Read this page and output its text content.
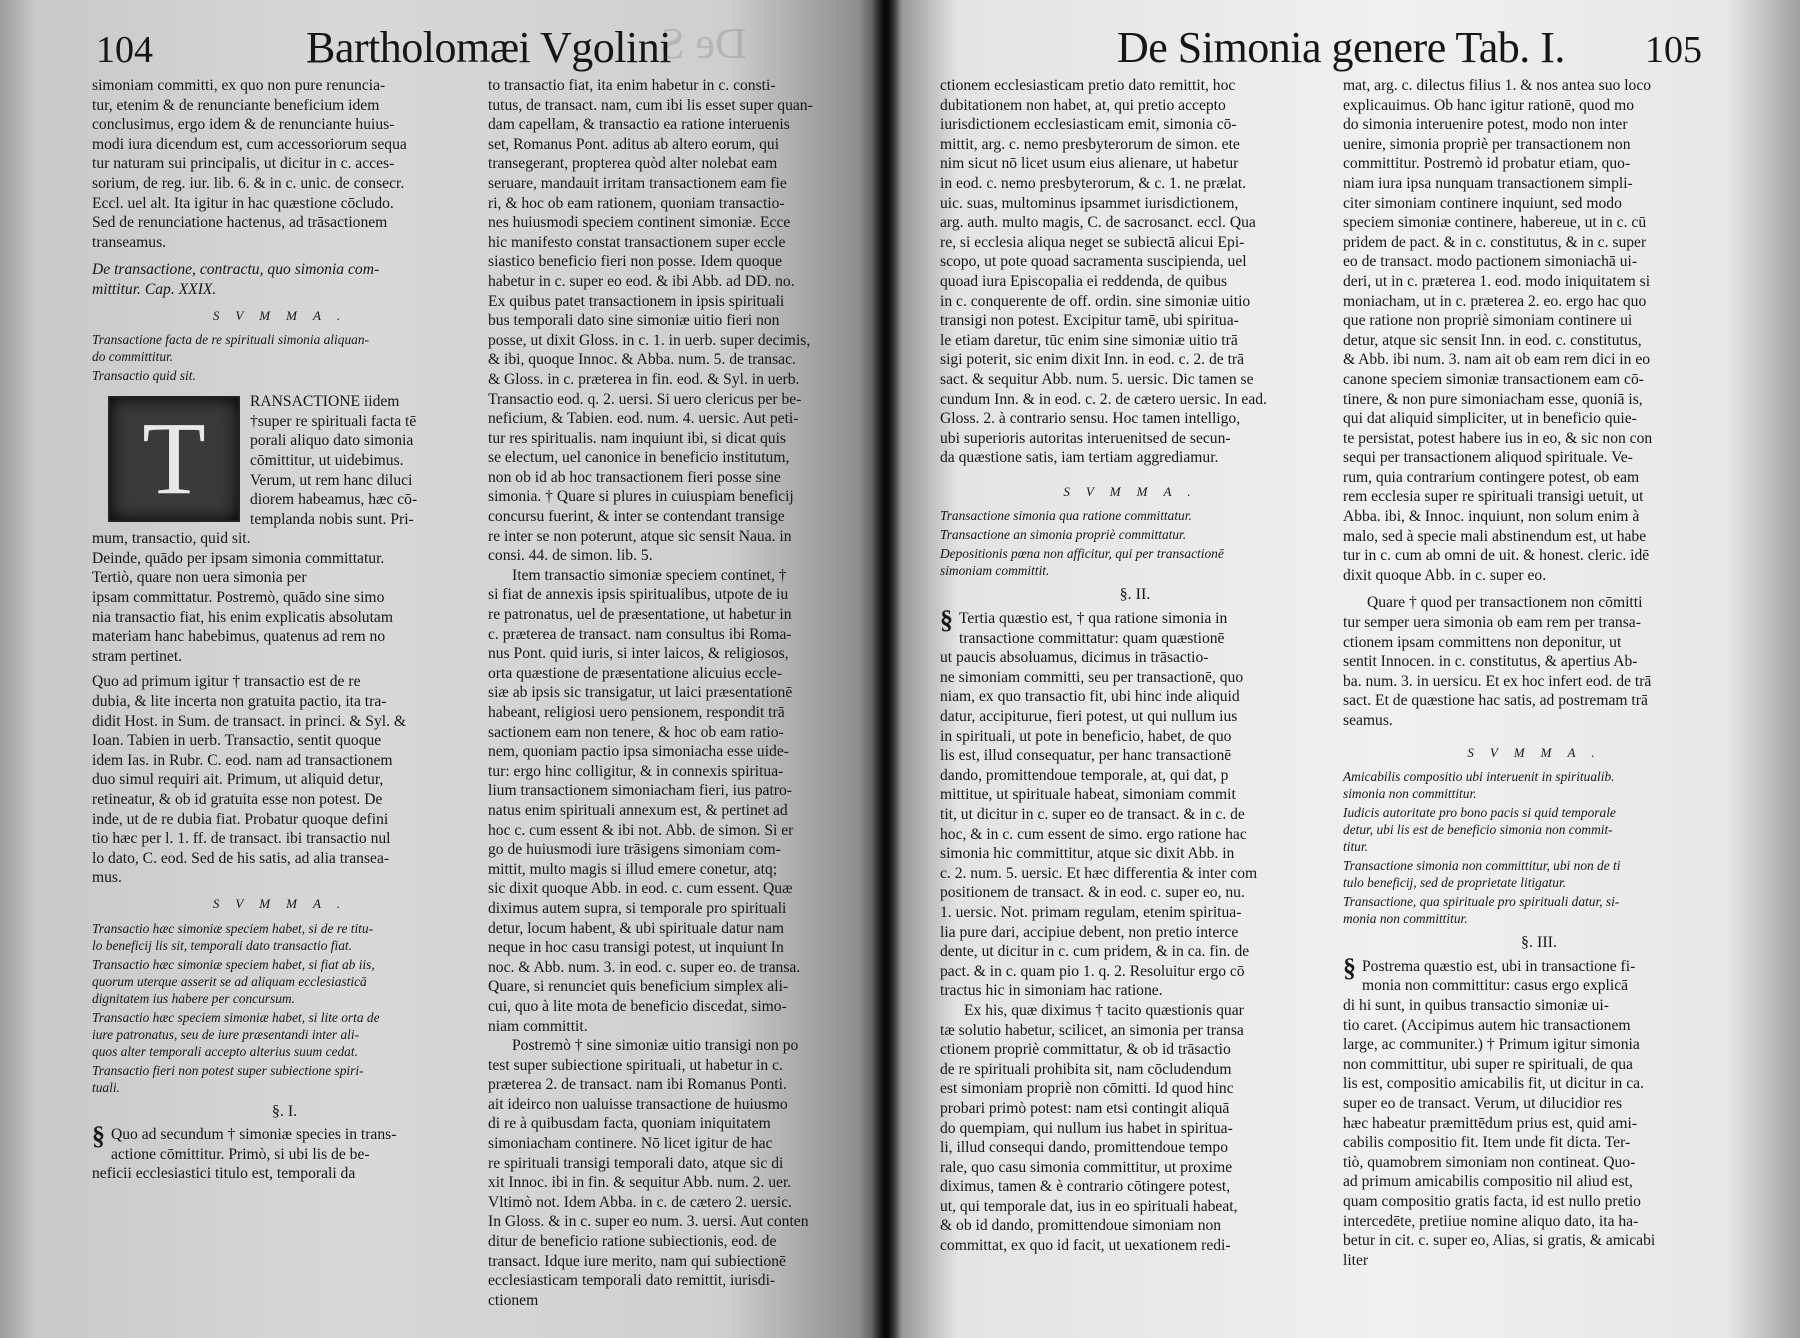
104	Bartholomæi Vgolini
De S

simoniam committi, ex quo non pure renuncia-
tur, etenim & de renunciante beneficium idem
conclusimus, ergo idem & de renunciante huius-
modi iura dicendum est, cum accessoriorum sequa
tur naturam sui principalis, ut dicitur in c. acces-
sorium, de reg. iur. lib. 6. & in c. unic. de consecr.
Eccl. uel alt. Ita igitur in hac quæstione cōcludo.
Sed de renunciatione hactenus, ad trāsactionem
transeamus.

De transactione, contractu, quo simonia com-
mittitur. Cap. XXIX.

SVMMA.

Transactione facta de re spirituali simonia aliquan-
do committitur.

Transactio quid sit.

T	RANSACTIONE iidem
†super re spirituali facta tē
porali aliquo dato simonia
cōmittitur, ut uidebimus.
Verum, ut rem hanc diluci
diorem habeamus, hæc cō-
templanda nobis sunt. Pri-
mum, transactio, quid sit.
Deinde, quādo per ipsam simonia committatur.
Tertiò, quare non uera simonia per
ipsam committatur. Postremò, quādo sine simo
nia transactio fiat, his enim explicatis absolutam
materiam hanc habebimus, quatenus ad rem no
stram pertinet.

Quo ad primum igitur † transactio est de re
dubia, & lite incerta non gratuita pactio, ita tra-
didit Host. in Sum. de transact. in princi. & Syl. &
Ioan. Tabien in uerb. Transactio, sentit quoque
idem Ias. in Rubr. C. eod. nam ad transactionem
duo simul requiri ait. Primum, ut aliquid detur,
retineatur, & ob id gratuita esse non potest. De
inde, ut de re dubia fiat. Probatur quoque defini
tio hæc per l. 1. ff. de transact. ibi transactio nul
lo dato, C. eod. Sed de his satis, ad alia transea-
mus.

SVMMA.

Transactio hæc simoniæ speciem habet, si de re titu-
lo beneficij lis sit, temporali dato transactio fiat.

Transactio hæc simoniæ speciem habet, si fiat ab iis,
quorum uterque asserit se ad aliquam ecclesiasticā
dignitatem ius habere per concursum.

Transactio hæc speciem simoniæ habet, si lite orta de
iure patronatus, seu de iure præsentandi inter ali-
quos alter temporali accepto alterius suum cedat.

Transactio fieri non potest super subiectione spiri-
tuali.

§. I.

§ Quo ad secundum † simoniæ species in trans-
actione cōmittitur. Primò, si ubi lis de be-
neficii ecclesiastici titulo est, temporali da

to transactio fiat, ita enim habetur in c. consti-
tutus, de transact. nam, cum ibi lis esset super quan-
dam capellam, & transactio ea ratione interuenis
set, Romanus Pont. aditus ab altero eorum, qui
transegerant, propterea quòd alter nolebat eam
seruare, mandauit irritam transactionem eam fie
ri, & hoc ob eam rationem, quoniam transactio-
nes huiusmodi speciem continent simoniæ. Ecce
hic manifesto constat transactionem super eccle
siastico beneficio fieri non posse. Idem quoque
habetur in c. super eo eod. & ibi Abb. ad DD. no.
Ex quibus patet transactionem in ipsis spirituali
bus temporali dato sine simoniæ uitio fieri non
posse, ut dixit Gloss. in c. 1. in uerb. super decimis,
& ibi, quoque Innoc. & Abba. num. 5. de transac.
& Gloss. in c. præterea in fin. eod. & Syl. in uerb.
Transactio eod. q. 2. uersi. Si uero clericus per be-
neficium, & Tabien. eod. num. 4. uersic. Aut peti-
tur res spiritualis. nam inquiunt ibi, si dicat quis
se electum, uel canonice in beneficio institutum,
non ob id ab hoc transactionem fieri posse sine
simonia. † Quare si plures in cuiuspiam beneficij
concursu fuerint, & inter se contendant transige
re inter se non poterunt, atque sic sensit Naua. in
consi. 44. de simon. lib. 5.

Item transactio simoniæ speciem continet, †
si fiat de annexis ipsis spiritualibus, utpote de iu
re patronatus, uel de præsentatione, ut habetur in
c. præterea de transact. nam consultus ibi Roma-
nus Pont. quid iuris, si inter laicos, & religiosos,
orta quæstione de præsentatione alicuius eccle-
siæ ab ipsis sic transigatur, ut laici præsentationē
habeant, religiosi uero pensionem, respondit trā
sactionem eam non tenere, & hoc ob eam ratio-
nem, quoniam pactio ipsa simoniacha esse uide-
tur: ergo hinc colligitur, & in connexis spiritua-
lium transactionem simoniacham fieri, ius patro-
natus enim spirituali annexum est, & pertinet ad
hoc c. cum essent & ibi not. Abb. de simon. Si er
go de huiusmodi iure trāsigens simoniam com-
mittit, multo magis si illud emere conetur, atq;
sic dixit quoque Abb. in eod. c. cum essent. Quæ
diximus autem supra, si temporale pro spirituali
detur, locum habent, & ubi spirituale datur nam
neque in hoc casu transigi potest, ut inquiunt In
noc. & Abb. num. 3. in eod. c. super eo. de transa.
Quare, si renunciet quis beneficium simplex ali-
cui, quo à lite mota de beneficio discedat, simo-
niam committit.

Postremò † sine simoniæ uitio transigi non po
test super subiectione spirituali, ut habetur in c.
præterea 2. de transact. nam ibi Romanus Ponti.
ait ideirco non ualuisse transactione de huiusmo
di re à quibusdam facta, quoniam iniquitatem
simoniacham continere. Nō licet igitur de hac
re spirituali transigi temporali dato, atque sic di
xit Innoc. ibi in fin. & sequitur Abb. num. 2. uer.
Vltimò not. Idem Abba. in c. de cætero 2. uersic.
In Gloss. & in c. super eo num. 3. uersi. Aut conten
ditur de beneficio ratione subiectionis, eod. de
transact. Idque iure merito, nam qui subiectionē
ecclesiasticam temporali dato remittit, iurisdi-
ctionem

De Simonia genere Tab. I. 105

ctionem ecclesiasticam pretio dato remittit, hoc
dubitationem non habet, at, qui pretio accepto
iurisdictionem ecclesiasticam emit, simonia cō-
mittit, arg. c. nemo presbyterorum de simon. ete
nim sicut nō licet usum eius alienare, ut habetur
in eod. c. nemo presbyterorum, & c. 1. ne prælat.
uic. suas, multominus ipsammet iurisdictionem,
arg. auth. multo magis, C. de sacrosanct. eccl. Qua
re, si ecclesia aliqua neget se subiectā alicui Epi-
scopo, ut pote quoad sacramenta suscipienda, uel
quoad iura Episcopalia ei reddenda, de quibus
in c. conquerente de off. ordin. sine simoniæ uitio
transigi non potest. Excipitur tamē, ubi spiritua-
le etiam daretur, tūc enim sine simoniæ uitio trā
sigi poterit, sic enim dixit Inn. in eod. c. 2. de trā
sact. & sequitur Abb. num. 5. uersic. Dic tamen se
cundum Inn. & in eod. c. 2. de cætero uersic. In ead.
Gloss. 2. à contrario sensu. Hoc tamen intelligo,
ubi superioris autoritas interuenitsed de secun-
da quæstione satis, iam tertiam aggrediamur.

SVMMA.

Transactione simonia qua ratione committatur.

Transactione an simonia propriè committatur.

Depositionis pœna non afficitur, qui per transactionē
simoniam committit.

§. II.

§ Tertia quæstio est, † qua ratione simonia in
transactione committatur: quam quæstionē
ut paucis absoluamus, dicimus in trāsactio-
ne simoniam committi, seu per transactionē, quo
niam, ex quo transactio fit, ubi hinc inde aliquid
datur, accipiturue, fieri potest, ut qui nullum ius
in spirituali, ut pote in beneficio, habet, de quo
lis est, illud consequatur, per hanc transactionē
dando, promittendoue temporale, at, qui dat, p
mittitue, ut spirituale habeat, simoniam commit
tit, ut dicitur in c. super eo de transact. & in c. de
hoc, & in c. cum essent de simo. ergo ratione hac
simonia hic committitur, atque sic dixit Abb. in
c. 2. num. 5. uersic. Et hæc differentia & inter com
positionem de transact. & in eod. c. super eo, nu.
1. uersic. Not. primam regulam, etenim spiritua-
lia pure dari, accipiue debent, non pretio interce
dente, ut dicitur in c. cum pridem, & in ca. fin. de
pact. & in c. quam pio 1. q. 2. Resoluitur ergo cō
tractus hic in simoniam hac ratione.

Ex his, quæ diximus † tacito quæstionis quar
tæ solutio habetur, scilicet, an simonia per transa
ctionem propriè committatur, & ob id trāsactio
de re spirituali prohibita sit, nam cōcludendum
est simoniam propriè non cōmitti. Id quod hinc
probari primò potest: nam etsi contingit aliquā
do quempiam, qui nullum ius habet in spiritua-
li, illud consequi dando, promittendoue tempo
rale, quo casu simonia committitur, ut proxime
diximus, tamen & è contrario cōtingere potest,
ut, qui temporale dat, ius in eo spirituali habeat,
& ob id dando, promittendoue simoniam non
committat, ex quo id facit, ut uexationem redi-

mat, arg. c. dilectus filius 1. & nos antea suo loco
explicauimus. Ob hanc igitur rationē, quod mo
do simonia interuenire potest, modo non inter
uenire, simonia propriè per transactionem non
committitur. Postremò id probatur etiam, quo-
niam iura ipsa nunquam transactionem simpli-
citer simoniam continere inquiunt, sed modo
speciem simoniæ continere, habereue, ut in c. cū
pridem de pact. & in c. constitutus, & in c. super
eo de transact. modo pactionem simoniachā ui-
deri, ut in c. præterea 1. eod. modo iniquitatem si
moniacham, ut in c. præterea 2. eo. ergo hac quo
que ratione non propriè simoniam continere ui
detur, atque sic sensit Inn. in eod. c. constitutus,
& Abb. ibi num. 3. nam ait ob eam rem dici in eo
canone speciem simoniæ transactionem eam cō-
tinere, & non pure simoniacham esse, quoniā is,
qui dat aliquid simpliciter, ut in beneficio quie-
te persistat, potest habere ius in eo, & sic non con
sequi per transactionem aliquod spirituale. Ve-
rum, quia contrarium contingere potest, ob eam
rem ecclesia super re spirituali transigi uetuit, ut
Abba. ibi, & Innoc. inquiunt, non solum enim à
malo, sed à specie mali abstinendum est, ut habe
tur in c. cum ab omni de uit. & honest. cleric. idē
dixit quoque Abb. in c. super eo.

Quare † quod per transactionem non cōmitti
tur semper uera simonia ob eam rem per transa-
ctionem ipsam committens non deponitur, ut
sentit Innocen. in c. constitutus, & apertius Ab-
ba. num. 3. in uersicu. Et ex hoc infert eod. de trā
sact. Et de quæstione hac satis, ad postremam trā
seamus.

SVMMA.

Amicabilis compositio ubi interuenit in spiritualib.
simonia non committitur.

Iudicis autoritate pro bono pacis si quid temporale
detur, ubi lis est de beneficio simonia non commit-
titur.

Transactione simonia non committitur, ubi non de ti
tulo beneficij, sed de proprietate litigatur.

Transactione, qua spirituale pro spirituali datur, si-
monia non committitur.

§. III.

§ Postrema quæstio est, ubi in transactione fi-
monia non committitur: casus ergo explicā
di hi sunt, in quibus transactio simoniæ ui-
tio caret. (Accipimus autem hic transactionem
large, ac communiter.) † Primum igitur simonia
non committitur, ubi super re spirituali, de qua
lis est, compositio amicabilis fit, ut dicitur in ca.
super eo de transact. Verum, ut dilucidior res
hæc habeatur præmittēdum prius est, quid ami-
cabilis compositio fit. Item unde fit dicta. Ter-
tiò, quamobrem simoniam non contineat. Quo-
ad primum amicabilis compositio nil aliud est,
quam compositio gratis facta, id est nullo pretio
intercedēte, pretiiue nomine aliquo dato, ita ha-
betur in cit. c. super eo, Alias, si gratis, & amicabi
liter
